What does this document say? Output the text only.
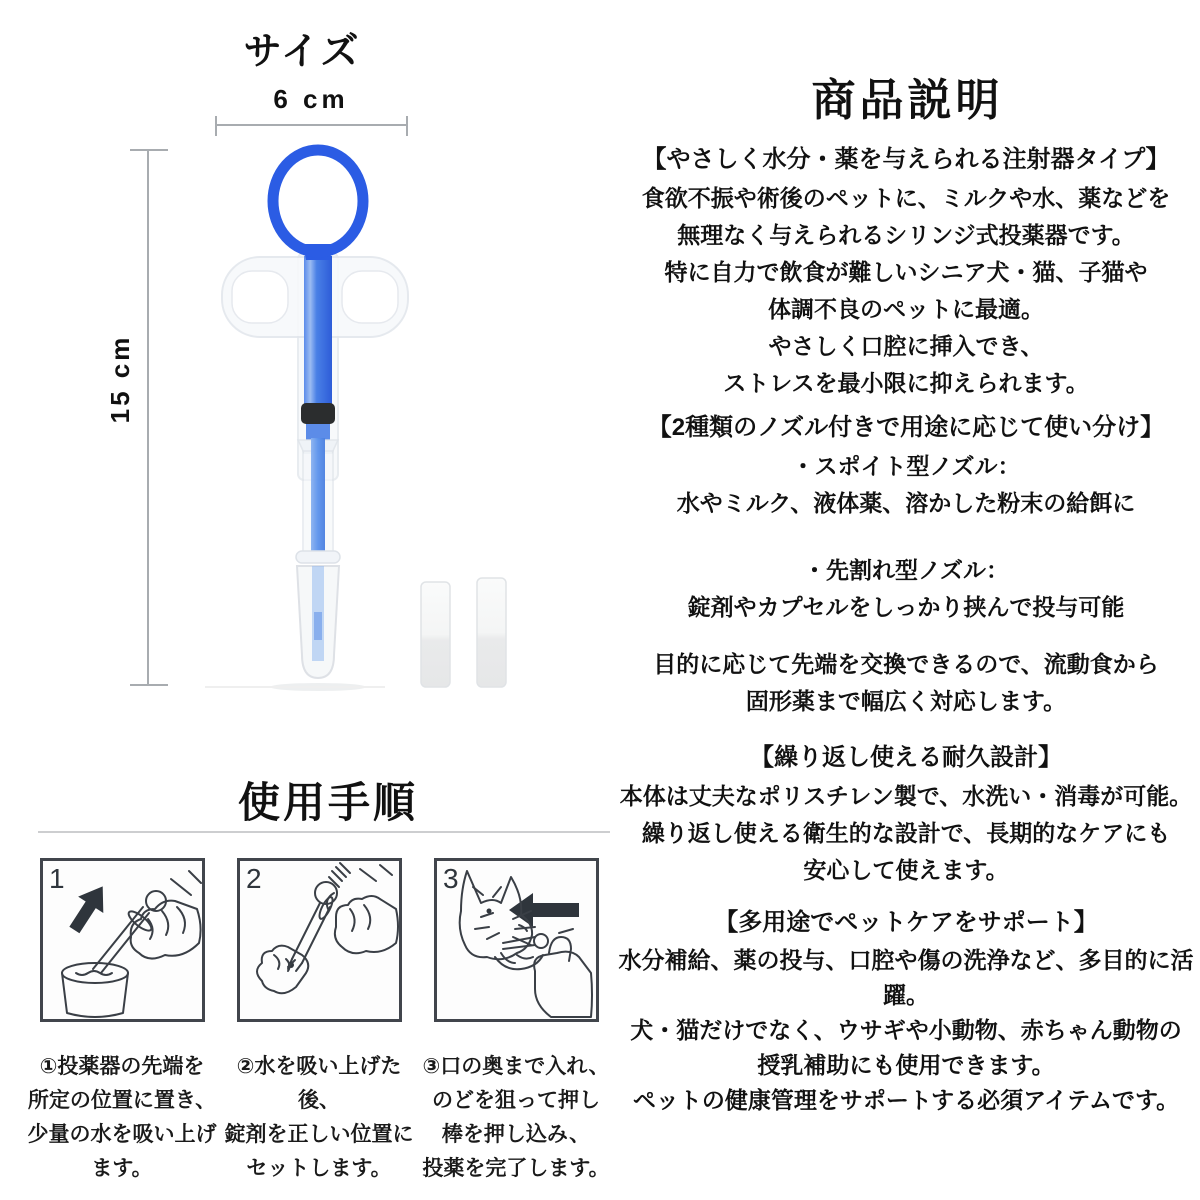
サイズ
6 cm
15 cm
商品説明
【やさしく水分・薬を与えられる注射器タイプ】

食欲不振や術後のペットに、ミルクや水、薬などを
無理なく与えられるシリンジ式投薬器です。
特に自力で飲食が難しいシニア犬・猫、子猫や
体調不良のペットに最適。
やさしく口腔に挿入でき、
ストレスを最小限に抑えられます。

【2種類のノズル付きで用途に応じて使い分け】

・スポイト型ノズル：
水やミルク、液体薬、溶かした粉末の給餌に

・先割れ型ノズル：
錠剤やカプセルをしっかり挟んで投与可能

目的に応じて先端を交換できるので、流動食から
固形薬まで幅広く対応します。

【繰り返し使える耐久設計】

本体は丈夫なポリスチレン製で、水洗い・消毒が可能。
繰り返し使える衛生的な設計で、長期的なケアにも
安心して使えます。

【多用途でペットケアをサポート】

水分補給、薬の投与、口腔や傷の洗浄など、多目的に活躍。
犬・猫だけでなく、ウサギや小動物、赤ちゃん動物の
授乳補助にも使用できます。
ペットの健康管理をサポートする必須アイテムです。

使用手順
1	2	3
①投薬器の先端を
所定の位置に置き、
少量の水を吸い上げ
ます。
②水を吸い上げた後、
錠剤を正しい位置に
セットします。
③口の奥まで入れ、
のどを狙って押し
棒を押し込み、
投薬を完了します。
